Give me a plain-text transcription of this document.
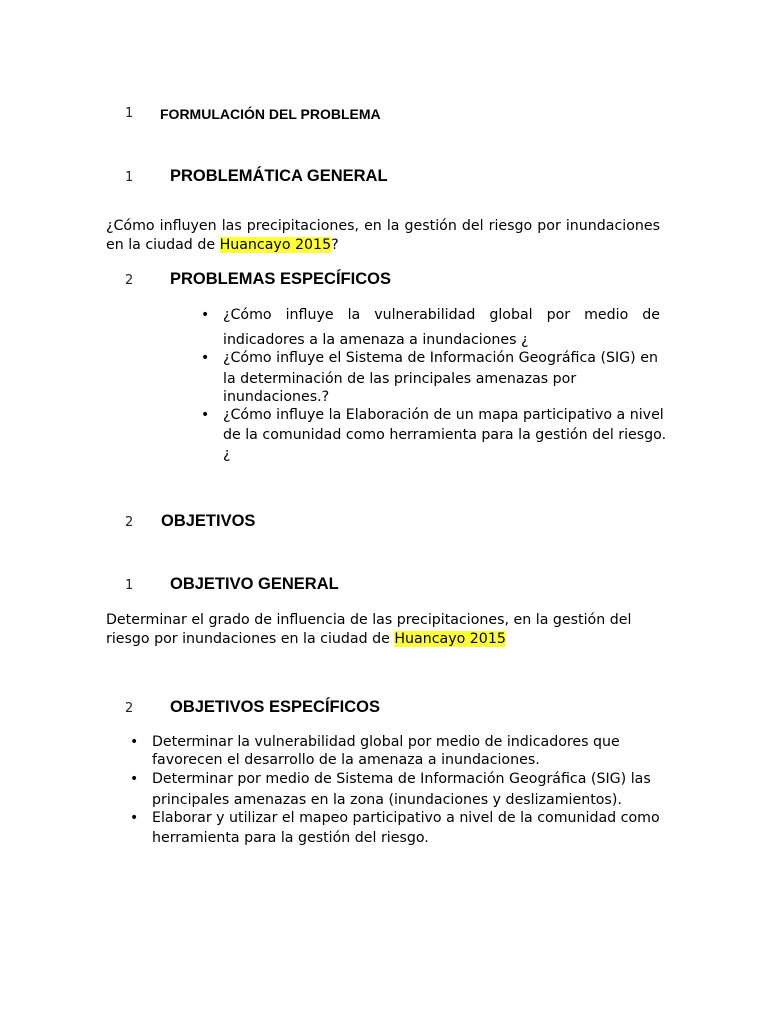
1 FORMULACIÓN DEL PROBLEMA
1 PROBLEMÁTICA GENERAL
¿Cómo influyen las precipitaciones, en la gestión del riesgo por inundaciones
en la ciudad de Huancayo 2015?
2 PROBLEMAS ESPECÍFICOS
• ¿Cómo influye la vulnerabilidad global por medio de
indicadores a la amenaza a inundaciones ¿
• ¿Cómo influye el Sistema de Información Geográfica (SIG) en
la determinación de las principales amenazas por
inundaciones.?
• ¿Cómo influye la Elaboración de un mapa participativo a nivel
de la comunidad como herramienta para la gestión del riesgo.
¿
2 OBJETIVOS
1 OBJETIVO GENERAL
Determinar el grado de influencia de las precipitaciones, en la gestión del
riesgo por inundaciones en la ciudad de Huancayo 2015
2 OBJETIVOS ESPECÍFICOS
• Determinar la vulnerabilidad global por medio de indicadores que
favorecen el desarrollo de la amenaza a inundaciones.
• Determinar por medio de Sistema de Información Geográfica (SIG) las
principales amenazas en la zona (inundaciones y deslizamientos).
• Elaborar y utilizar el mapeo participativo a nivel de la comunidad como
herramienta para la gestión del riesgo.
